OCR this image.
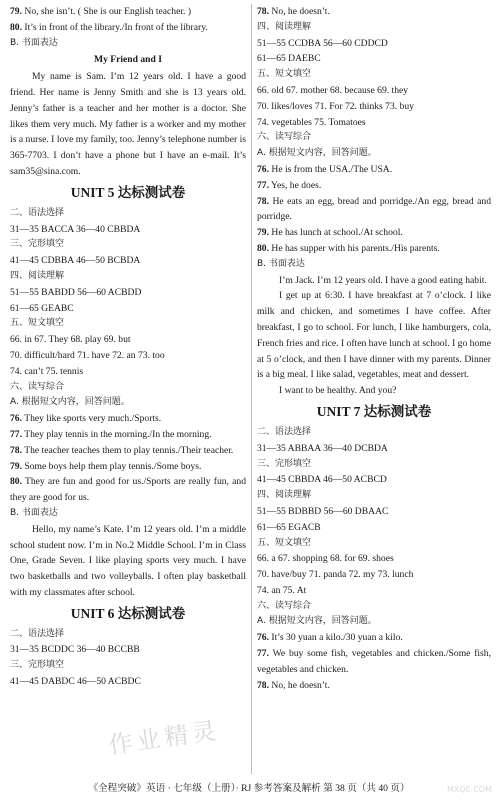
79. No, she isn’t. ( She is our English teacher. )
80. It’s in front of the library./In front of the library.
B. 书面表达
My Friend and I
My name is Sam. I’m 12 years old. I have a good friend. Her name is Jenny Smith and she is 13 years old. Jenny’s father is a teacher and her mother is a doctor. She likes them very much. My father is a worker and my mother is a nurse. I love my family, too. Jenny’s telephone number is 365-7703. I don’t have a phone but I have an e-mail. It’s sam35@sina.com.
UNIT 5 达标测试卷
二、语法选择
31—35 BACCA 36—40 CBBDA
三、完形填空
41—45 CDBBA 46—50 BCBDA
四、阅读理解
51—55 BABDD 56—60 ACBDD
61—65 GEABC
五、短文填空
66. in 67. They 68. play 69. but
70. difficult/hard 71. have 72. an 73. too
74. can’t 75. tennis
六、读写综合
A. 根据短文内容，回答问题。
76. They like sports very much./Sports.
77. They play tennis in the morning./In the morning.
78. The teacher teaches them to play tennis./Their teacher.
79. Some boys help them play tennis./Some boys.
80. They are fun and good for us./Sports are really fun, and they are good for us.
B. 书面表达
Hello, my name’s Kate. I’m 12 years old. I’m a middle school student now. I’m in No.2 Middle School. I’m in Class One, Grade Seven. I like playing sports very much. I have two basketballs and two volleyballs. I often play basketball with my classmates after school.
UNIT 6 达标测试卷
二、语法选择
31—35 BCDDC 36—40 BCCBB
三、完形填空
41—45 DABDC 46—50 ACBDC
78. No, he doesn’t.
四、阅读理解
51—55 CCDBA 56—60 CDDCD
61—65 DAEBC
五、短文填空
66. old 67. mother 68. because 69. they
70. likes/loves 71. For 72. thinks 73. buy
74. vegetables 75. Tomatoes
六、读写综合
A. 根据短文内容，回答问题。
76. He is from the USA./The USA.
77. Yes, he does.
78. He eats an egg, bread and porridge./An egg, bread and porridge.
79. He has lunch at school./At school.
80. He has supper with his parents./His parents.
B. 书面表达
I’m Jack. I’m 12 years old. I have a good eating habit.
I get up at 6:30. I have breakfast at 7 o’clock. I like milk and chicken, and sometimes I have coffee. After breakfast, I go to school. For lunch, I like hamburgers, cola, French fries and rice. I often have lunch at school. I go home at 5 o’clock, and then I have dinner with my parents. Dinner is a big meal. I like salad, vegetables, meat and dessert.
I want to be healthy. And you?
UNIT 7 达标测试卷
二、语法选择
31—35 ABBAA 36—40 DCBDA
三、完形填空
41—45 CBBDA 46—50 ACBCD
四、阅读理解
51—55 BDBBD 56—60 DBAAC
61—65 EGACB
五、短文填空
66. a 67. shopping 68. for 69. shoes
70. have/buy 71. panda 72. my 73. lunch
74. an 75. At
六、读写综合
A. 根据短文内容，回答问题。
76. It’s 30 yuan a kilo./30 yuan a kilo.
77. We buy some fish, vegetables and chicken./Some fish, vegetables and chicken.
78. No, he doesn’t.
《全程突破》英语 · 七年级（上册）· RJ 参考答案及解析 第 38 页（共 40 页）
作业精灵
MXQE.COM
